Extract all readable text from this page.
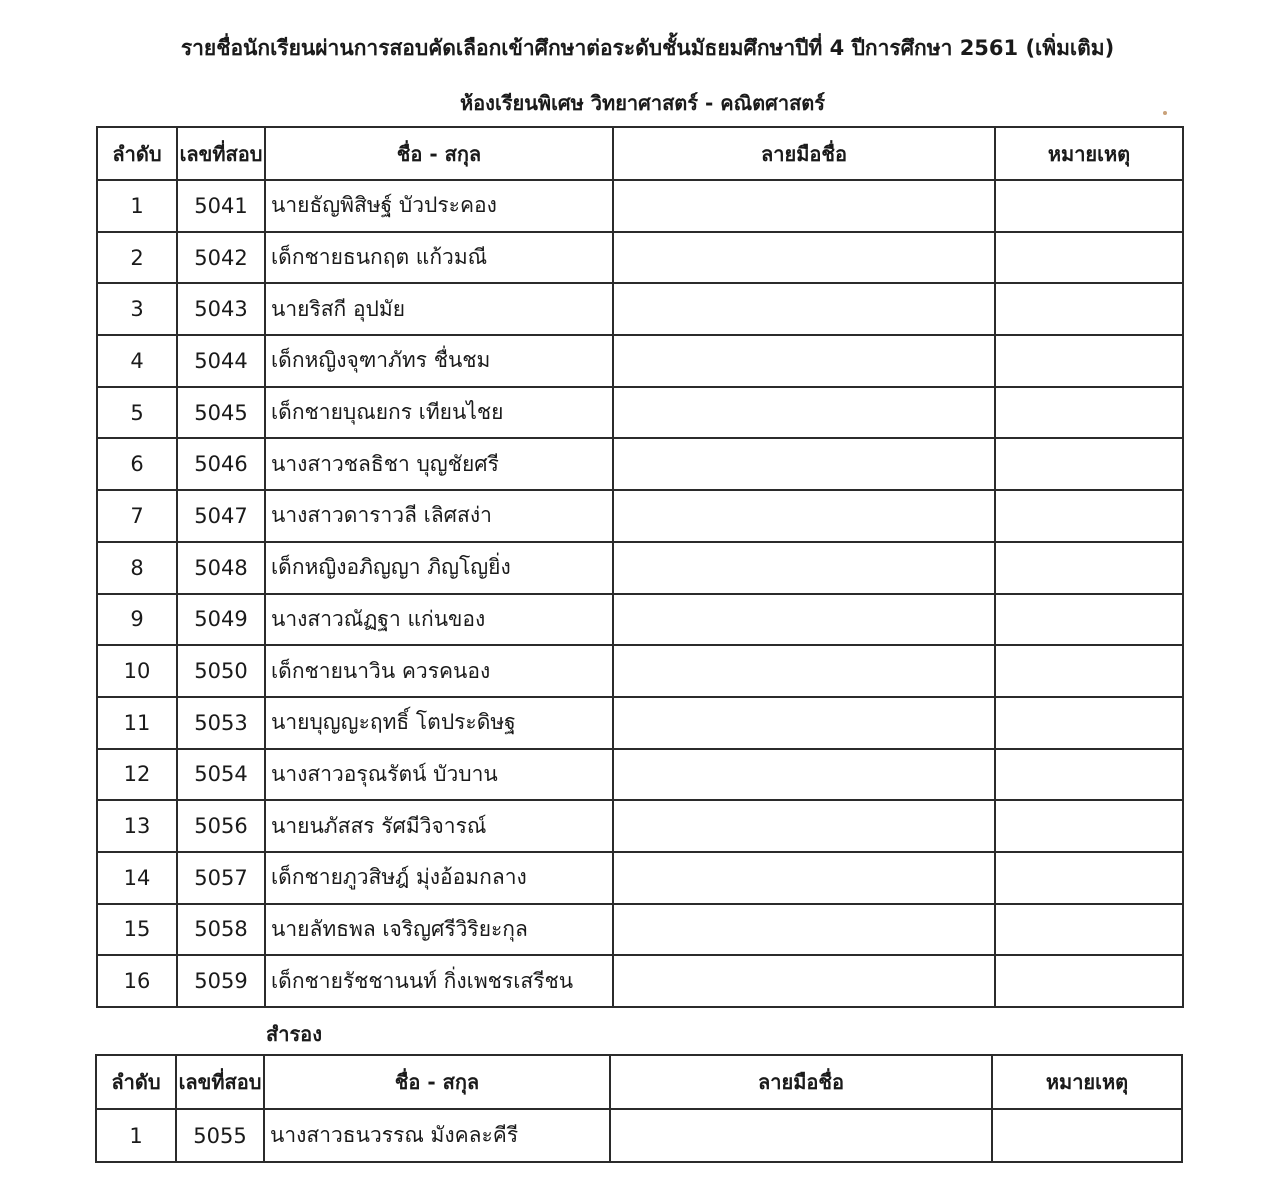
รายชื่อนักเรียนผ่านการสอบคัดเลือกเข้าศึกษาต่อระดับชั้นมัธยมศึกษาปีที่ 4 ปีการศึกษา 2561 (เพิ่มเติม)
ห้องเรียนพิเศษ วิทยาศาสตร์ - คณิตศาสตร์
ลำดับ	เลขที่สอบ	ชื่อ - สกุล	ลายมือชื่อ	หมายเหตุ
1	5041	นายธัญพิสิษฐ์ บัวประคอง		
2	5042	เด็กชายธนกฤต แก้วมณี		
3	5043	นายริสกี อุปมัย		
4	5044	เด็กหญิงจุฑาภัทร ชื่นชม		
5	5045	เด็กชายบุณยกร เทียนไชย		
6	5046	นางสาวชลธิชา บุญชัยศรี		
7	5047	นางสาวดาราวลี เลิศสง่า		
8	5048	เด็กหญิงอภิญญา ภิญโญยิ่ง		
9	5049	นางสาวณัฏฐา แก่นของ		
10	5050	เด็กชายนาวิน ควรคนอง		
11	5053	นายบุญญะฤทธิ์ โตประดิษฐ		
12	5054	นางสาวอรุณรัตน์ บัวบาน		
13	5056	นายนภัสสร รัศมีวิจารณ์		
14	5057	เด็กชายภูวสิษฎ์ มุ่งอ้อมกลาง		
15	5058	นายลัทธพล เจริญศรีวิริยะกุล		
16	5059	เด็กชายรัชชานนท์ กิ่งเพชรเสรีชน		

สำรอง

ลำดับ	เลขที่สอบ	ชื่อ - สกุล	ลายมือชื่อ	หมายเหตุ
1	5055	นางสาวธนวรรณ มังคละคีรี		
